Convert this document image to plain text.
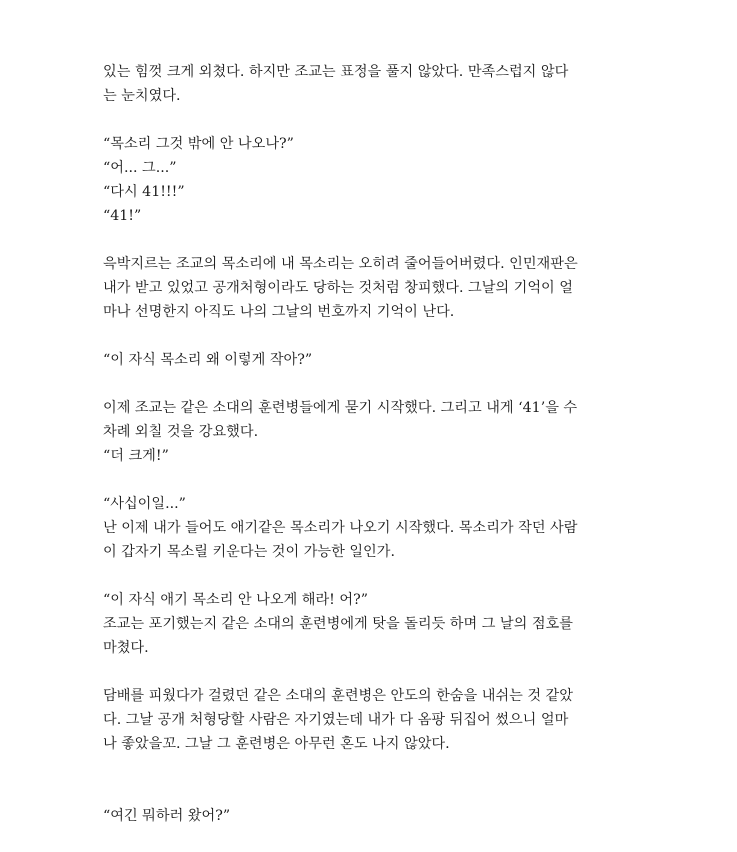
있는 힘껏 크게 외쳤다. 하지만 조교는 표정을 풀지 않았다. 만족스럽지 않다
는 눈치였다.
“목소리 그것 밖에 안 나오나?”
“어... 그...”
“다시 41!!!”
“41!”
윽박지르는 조교의 목소리에 내 목소리는 오히려 줄어들어버렸다. 인민재판은
내가 받고 있었고 공개처형이라도 당하는 것처럼 창피했다. 그날의 기억이 얼
마나 선명한지 아직도 나의 그날의 번호까지 기억이 난다.
“이 자식 목소리 왜 이렇게 작아?”
이제 조교는 같은 소대의 훈련병들에게 묻기 시작했다. 그리고 내게 ‘41’을 수
차례 외칠 것을 강요했다.
“더 크게!”
“사십이일...”
난 이제 내가 들어도 애기같은 목소리가 나오기 시작했다. 목소리가 작던 사람
이 갑자기 목소릴 키운다는 것이 가능한 일인가.
“이 자식 애기 목소리 안 나오게 해라! 어?”
조교는 포기했는지 같은 소대의 훈련병에게 탓을 돌리듯 하며 그 날의 점호를
마쳤다.
담배를 피웠다가 걸렸던 같은 소대의 훈련병은 안도의 한숨을 내쉬는 것 같았
다. 그날 공개 처형당할 사람은 자기였는데 내가 다 옴팡 뒤집어 썼으니 얼마
나 좋았을꼬. 그날 그 훈련병은 아무런 혼도 나지 않았다.
“여긴 뭐하러 왔어?”
